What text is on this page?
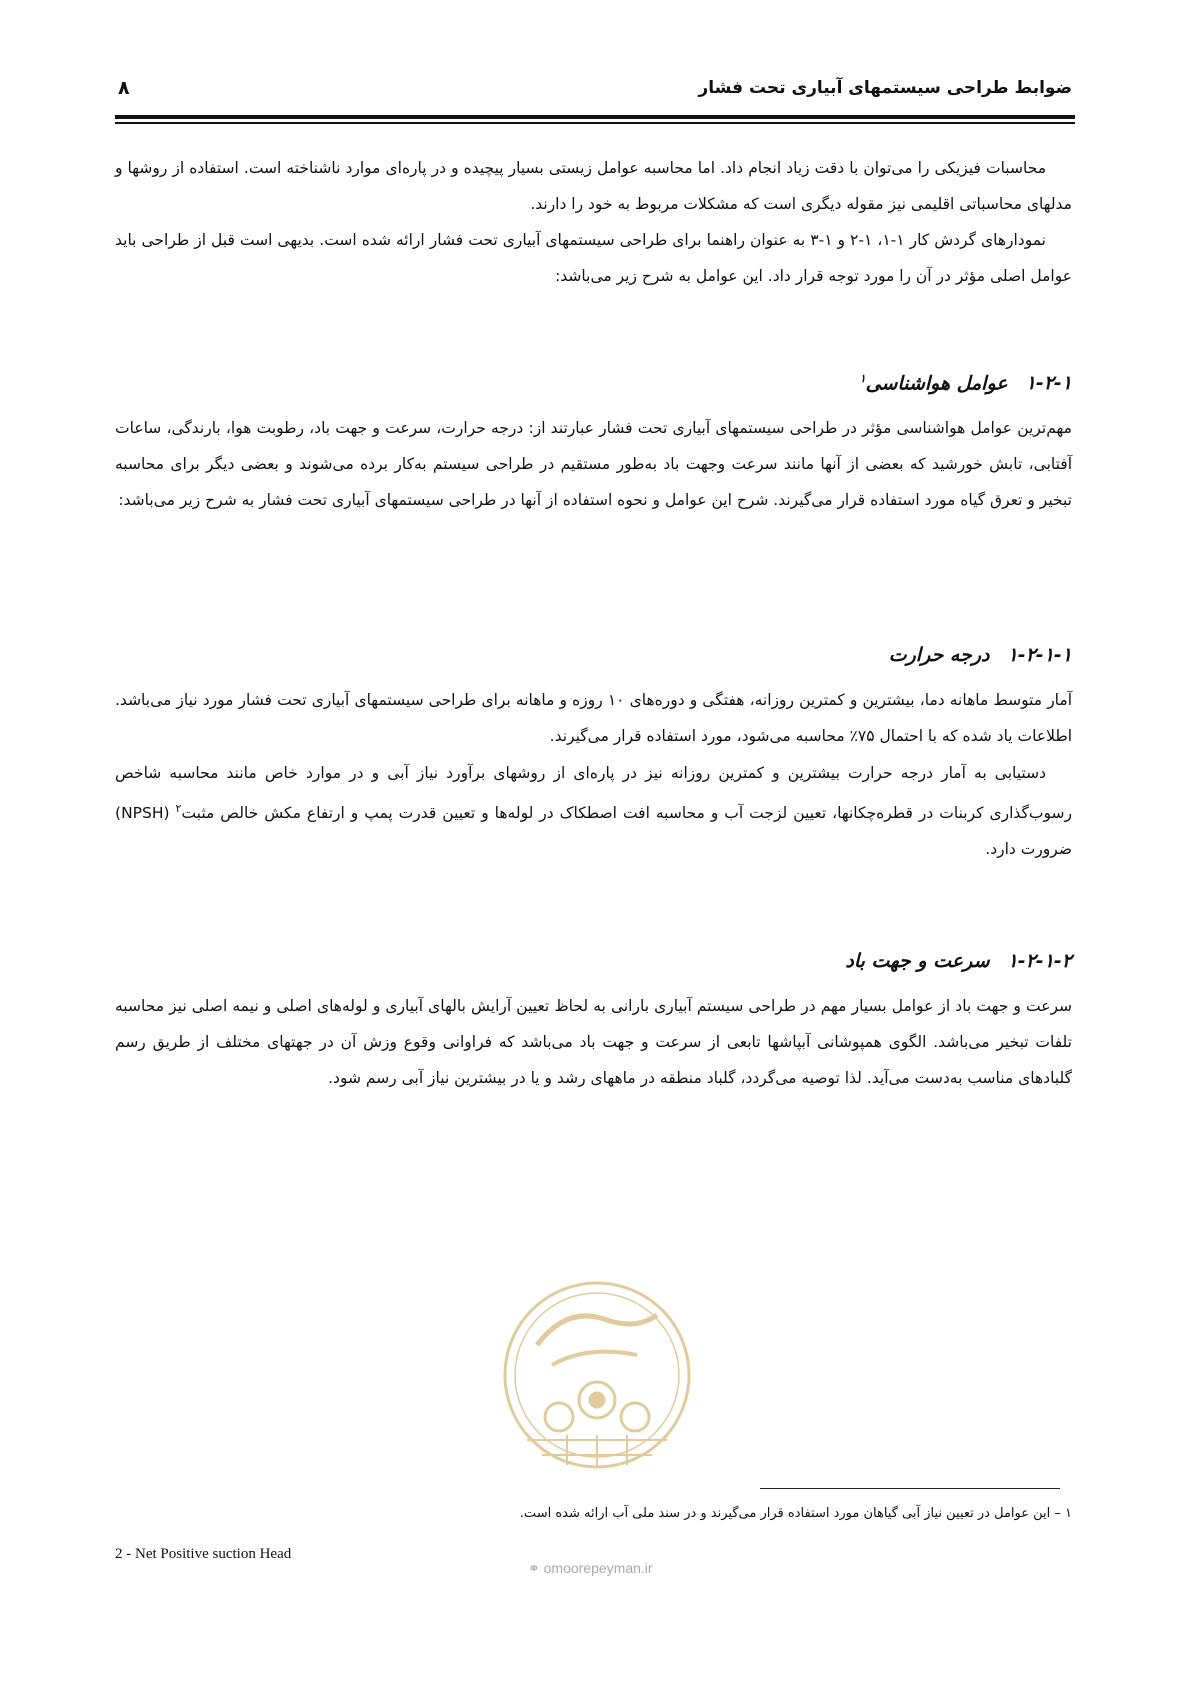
ضوابط طراحی سیستمهای آبیاری تحت فشار
۸

محاسبات فیزیکی را می‌توان با دقت زیاد انجام داد. اما محاسبه عوامل زیستی بسیار پیچیده و در پاره‌ای موارد ناشناخته است. استفاده از روشها و مدلهای محاسباتی اقلیمی نیز مقوله دیگری است که مشکلات مربوط به خود را دارند.

نمودارهای گردش کار ۱-۱، ۱-۲ و ۱-۳ به عنوان راهنما برای طراحی سیستمهای آبیاری تحت فشار ارائه شده است. بدیهی است قبل از طراحی باید عوامل اصلی مؤثر در آن را مورد توجه قرار داد. این عوامل به شرح زیر می‌باشد:

۱-۲-۱عوامل هواشناسی$^۱$

مهم‌ترین عوامل هواشناسی مؤثر در طراحی سیستمهای آبیاری تحت فشار عبارتند از: درجه حرارت، سرعت و جهت باد، رطوبت هوا، بارندگی، ساعات آفتابی، تابش خورشید که بعضی از آنها مانند سرعت وجهت باد به‌طور مستقیم در طراحی سیستم به‌کار برده می‌شوند و بعضی دیگر برای محاسبه تبخیر و تعرق گیاه مورد استفاده قرار می‌گیرند. شرح این عوامل و نحوه استفاده از آنها در طراحی سیستمهای آبیاری تحت فشار به شرح زیر می‌باشد:

۱-۲-۱-۱درجه حرارت

آمار متوسط ماهانه دما، بیشترین و کمترین روزانه، هفتگی و دوره‌های ۱۰ روزه و ماهانه برای طراحی سیستمهای آبیاری تحت فشار مورد نیاز می‌باشد. اطلاعات یاد شده که با احتمال ۷۵٪ محاسبه می‌شود، مورد استفاده قرار می‌گیرند.

دستیابی به آمار درجه حرارت بیشترین و کمترین روزانه نیز در پاره‌ای از روشهای برآورد نیاز آبی و در موارد خاص مانند محاسبه شاخص رسوب‌گذاری کربنات در قطره‌چکانها، تعیین لزجت آب و محاسبه افت اصطکاک در لوله‌ها و تعیین قدرت پمپ و ارتفاع مکش خالص مثبت$^۲$ (NPSH) ضرورت دارد.

۱-۲-۱-۲سرعت و جهت باد

سرعت و جهت باد از عوامل بسیار مهم در طراحی سیستم آبیاری بارانی به لحاظ تعیین آرایش بالهای آبیاری و لوله‌های اصلی و نیمه اصلی نیز محاسبه تلفات تبخیر می‌باشد. الگوی همپوشانی آبپاشها تابعی از سرعت و جهت باد می‌باشد که فراوانی وقوع وزش آن در جهتهای مختلف از طریق رسم گلبادهای مناسب به‌دست می‌آید. لذا توصیه می‌گردد، گلباد منطقه در ماههای رشد و یا در بیشترین نیاز آبی رسم شود.

۱ – این عوامل در تعیین نیاز آبی گیاهان مورد استفاده قرار می‌گیرند و در سند ملی آب ارائه شده است.
2 - Net Positive suction Head
⚭ omoorepeyman.ir
